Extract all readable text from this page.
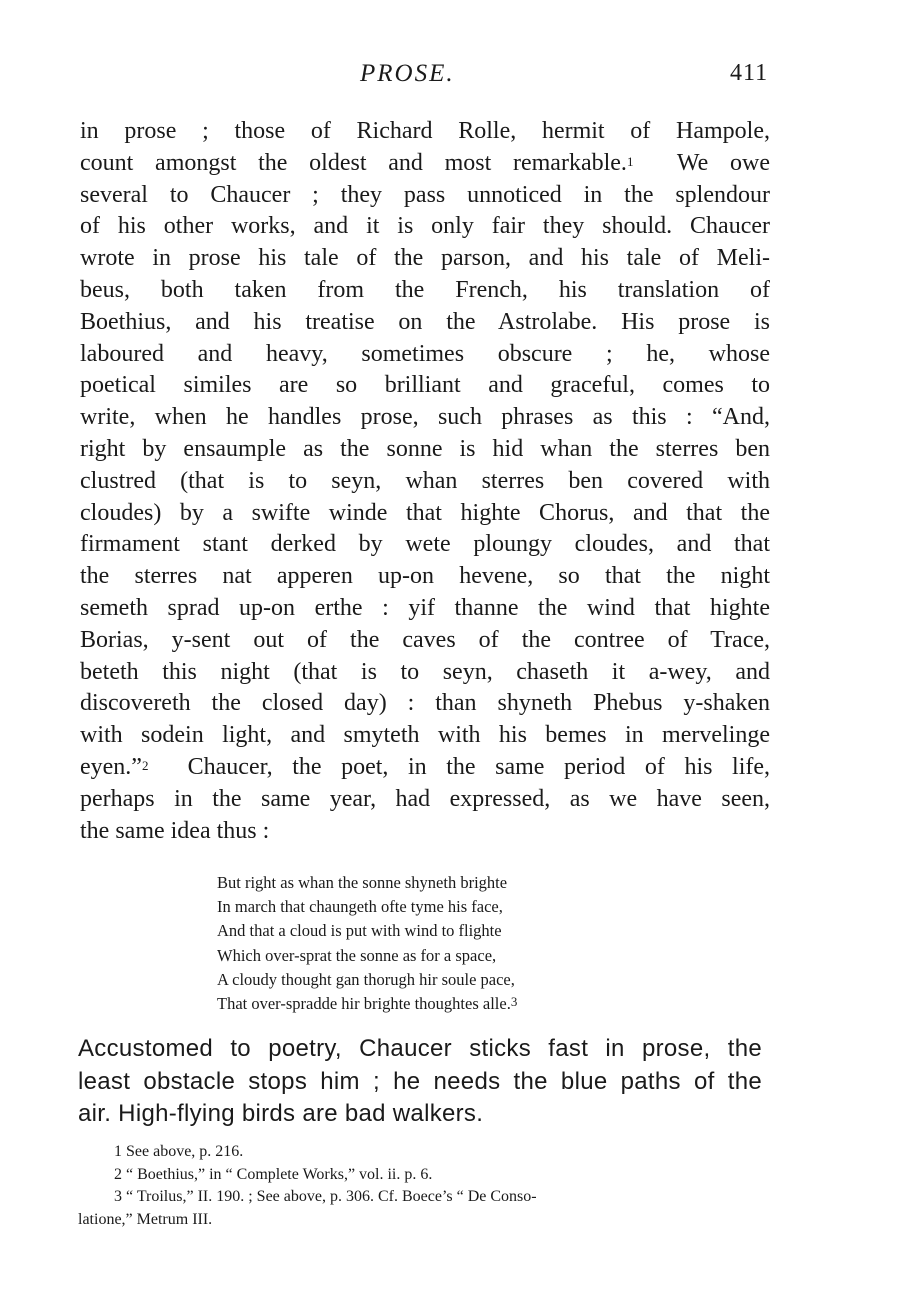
PROSE.	411
in prose ; those of Richard Rolle, hermit of Hampole,
count amongst the oldest and most remarkable.$^1$ We owe
several to Chaucer ; they pass unnoticed in the splendour
of his other works, and it is only fair they should. Chaucer
wrote in prose his tale of the parson, and his tale of Meli-
beus, both taken from the French, his translation of
Boethius, and his treatise on the Astrolabe. His prose is
laboured and heavy, sometimes obscure ; he, whose
poetical similes are so brilliant and graceful, comes to
write, when he handles prose, such phrases as this : “And,
right by ensaumple as the sonne is hid whan the sterres ben
clustred (that is to seyn, whan sterres ben covered with
cloudes) by a swifte winde that highte Chorus, and that the
firmament stant derked by wete ploungy cloudes, and that
the sterres nat apperen up-on hevene, so that the night
semeth sprad up-on erthe : yif thanne the wind that highte
Borias, y-sent out of the caves of the contree of Trace,
beteth this night (that is to seyn, chaseth it a-wey, and
discovereth the closed day) : than shyneth Phebus y-shaken
with sodein light, and smyteth with his bemes in mervelinge
eyen.”$^2$ Chaucer, the poet, in the same period of his life,
perhaps in the same year, had expressed, as we have seen,
the same idea thus :
But right as whan the sonne shyneth brighte
In march that chaungeth ofte tyme his face,
And that a cloud is put with wind to flighte
Which over-sprat the sonne as for a space,
A cloudy thought gan thorugh hir soule pace,
That over-spradde hir brighte thoughtes alle.$^3$
Accustomed to poetry, Chaucer sticks fast in prose, the
least obstacle stops him ; he needs the blue paths of the
air. High-flying birds are bad walkers.
1 See above, p. 216.
2 “ Boethius,” in “ Complete Works,” vol. ii. p. 6.
3 “ Troilus,” II. 190. ; See above, p. 306. Cf. Boece’s “ De Conso-
latione,” Metrum III.
